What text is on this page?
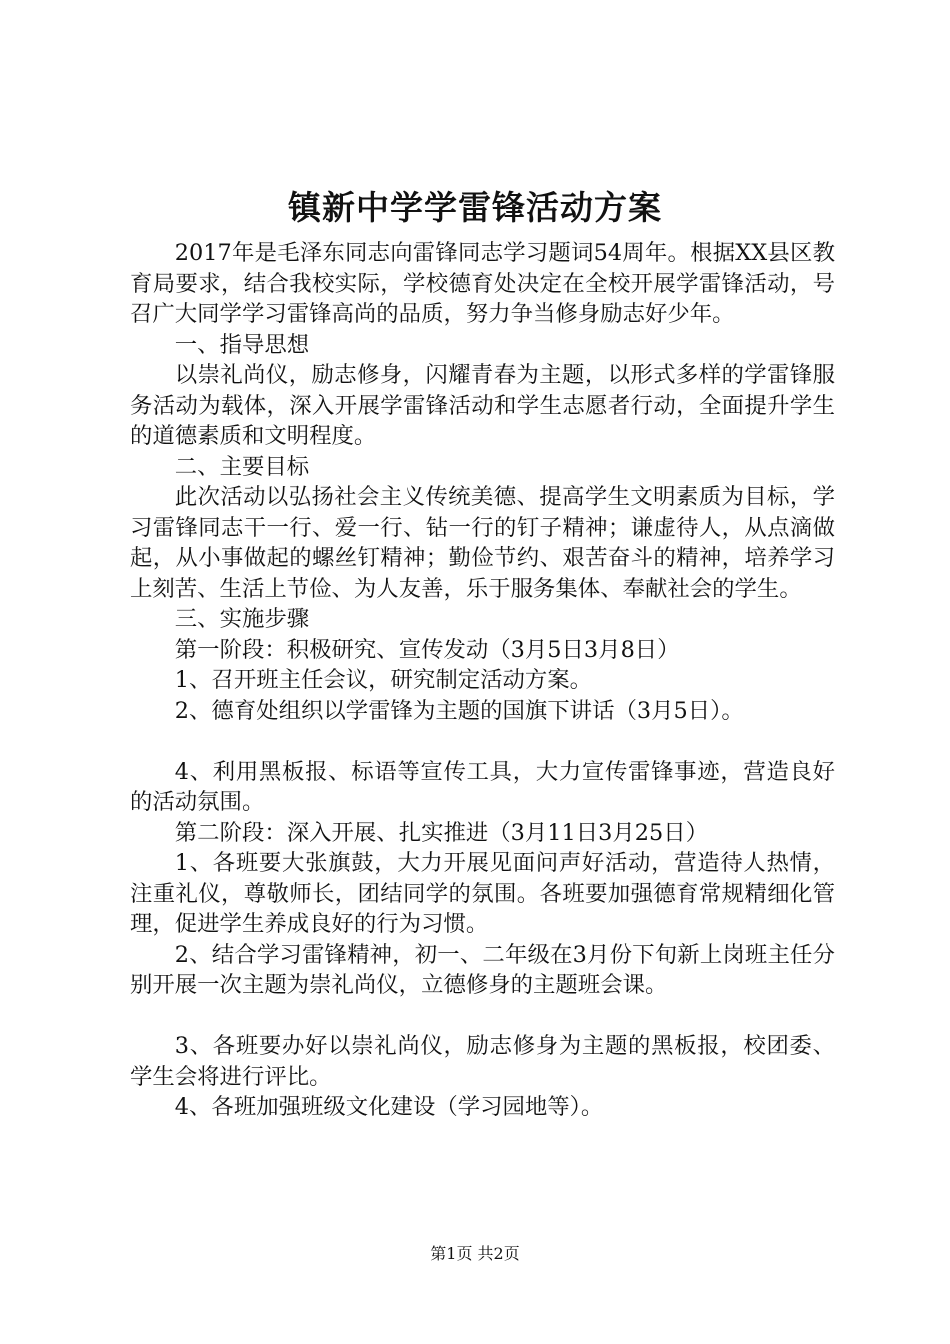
镇新中学学雷锋活动方案

2017年是毛泽东同志向雷锋同志学习题词54周年。根据XX县区教育局要求，结合我校实际，学校德育处决定在全校开展学雷锋活动，号召广大同学学习雷锋高尚的品质，努力争当修身励志好少年。

一、指导思想

以崇礼尚仪，励志修身，闪耀青春为主题，以形式多样的学雷锋服务活动为载体，深入开展学雷锋活动和学生志愿者行动，全面提升学生的道德素质和文明程度。

二、主要目标

此次活动以弘扬社会主义传统美德、提高学生文明素质为目标，学习雷锋同志干一行、爱一行、钻一行的钉子精神；谦虚待人，从点滴做起，从小事做起的螺丝钉精神；勤俭节约、艰苦奋斗的精神，培养学习上刻苦、生活上节俭、为人友善，乐于服务集体、奉献社会的学生。

三、实施步骤

第一阶段：积极研究、宣传发动（3月5日3月8日）

1、召开班主任会议，研究制定活动方案。

2、德育处组织以学雷锋为主题的国旗下讲话（3月5日）。

4、利用黑板报、标语等宣传工具，大力宣传雷锋事迹，营造良好的活动氛围。

第二阶段：深入开展、扎实推进（3月11日3月25日）

1、各班要大张旗鼓，大力开展见面问声好活动，营造待人热情，注重礼仪，尊敬师长，团结同学的氛围。各班要加强德育常规精细化管理，促进学生养成良好的行为习惯。

2、结合学习雷锋精神，初一、二年级在3月份下旬新上岗班主任分别开展一次主题为崇礼尚仪，立德修身的主题班会课。

3、各班要办好以崇礼尚仪，励志修身为主题的黑板报，校团委、学生会将进行评比。

4、各班加强班级文化建设（学习园地等）。

第1页 共2页
